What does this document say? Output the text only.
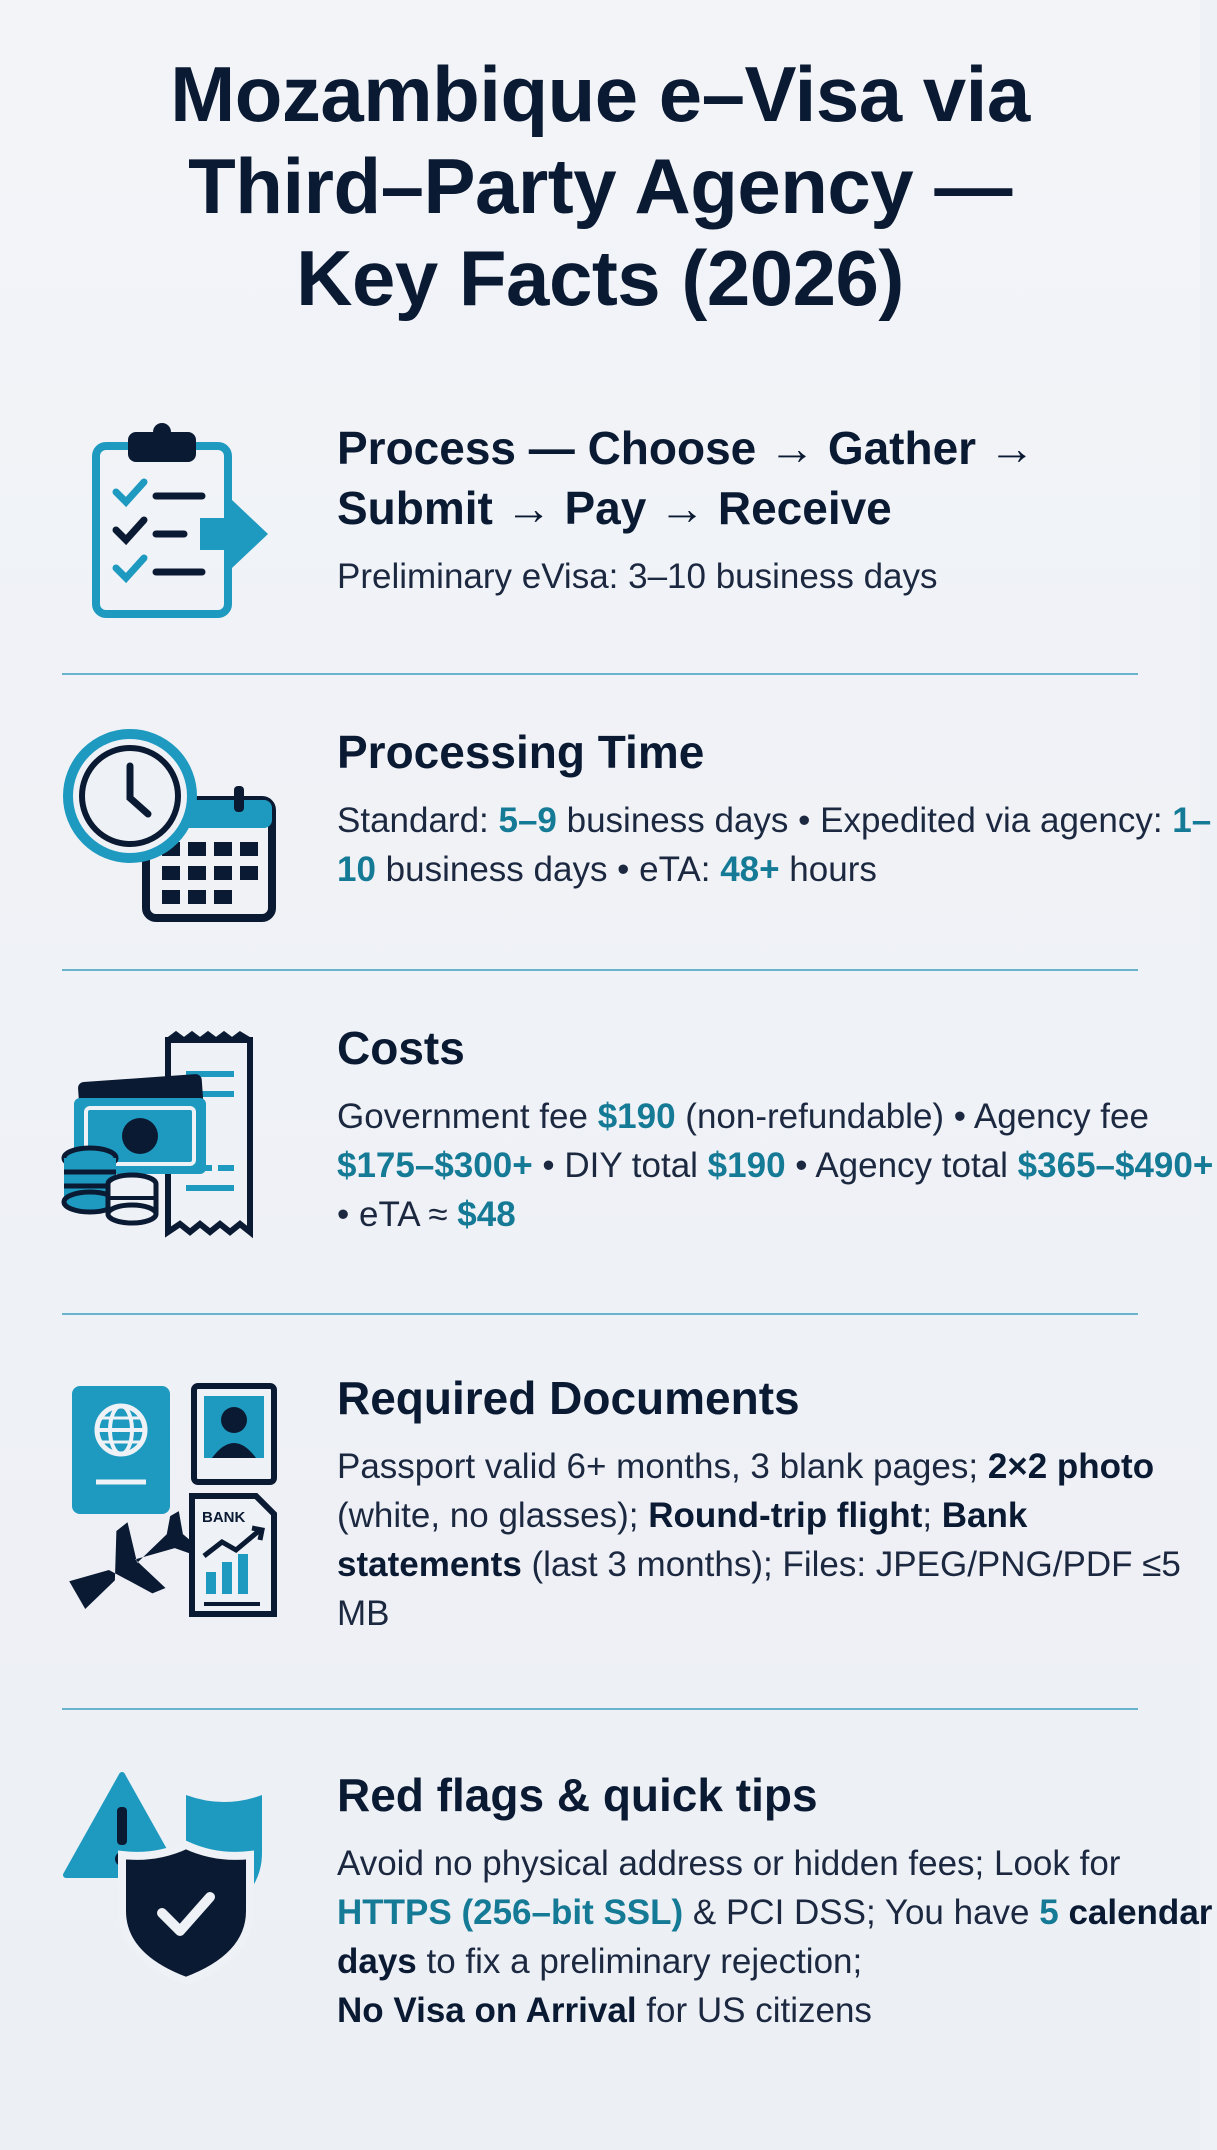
Mozambique e–Visa via
Third–Party Agency —
Key Facts (2026)

Process — Choose → Gather →
Submit → Pay → Receive

Preliminary eVisa: 3–10 business days

Processing Time

Standard: 5–9 business days • Expedited via agency: 1–10 business days • eTA: 48+ hours

Costs

Government fee $190 (non-refundable) • Agency fee $175–$300+ • DIY total $190 • Agency total $365–$490+ • eTA ≈ $48

BANK

Required Documents

Passport valid 6+ months, 3 blank pages; 2×2 photo (white, no glasses); Round-trip flight; Bank statements (last 3 months); Files: JPEG/PNG/PDF ≤5 MB

Red flags & quick tips

Avoid no physical address or hidden fees; Look for HTTPS (256–bit SSL) & PCI DSS; You have 5 calendar days to fix a preliminary rejection;
No Visa on Arrival for US citizens
